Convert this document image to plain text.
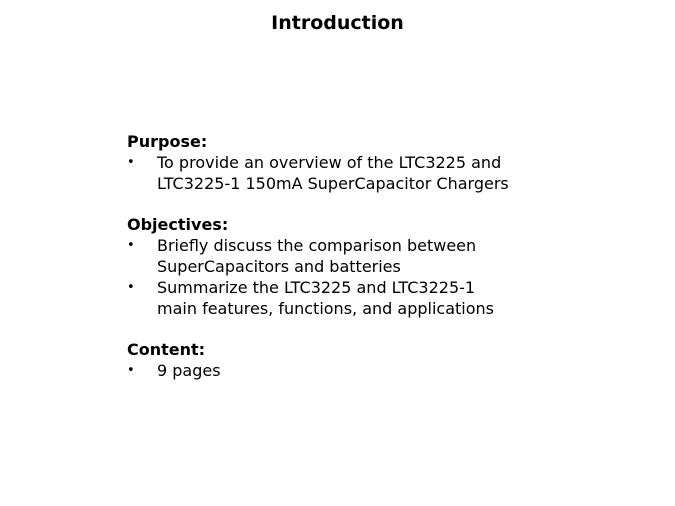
Introduction
Purpose:
• To provide an overview of the LTC3225 and
LTC3225-1 150mA SuperCapacitor Chargers
Objectives:
• Briefly discuss the comparison between
SuperCapacitors and batteries
• Summarize the LTC3225 and LTC3225-1
main features, functions, and applications
Content:
• 9 pages
